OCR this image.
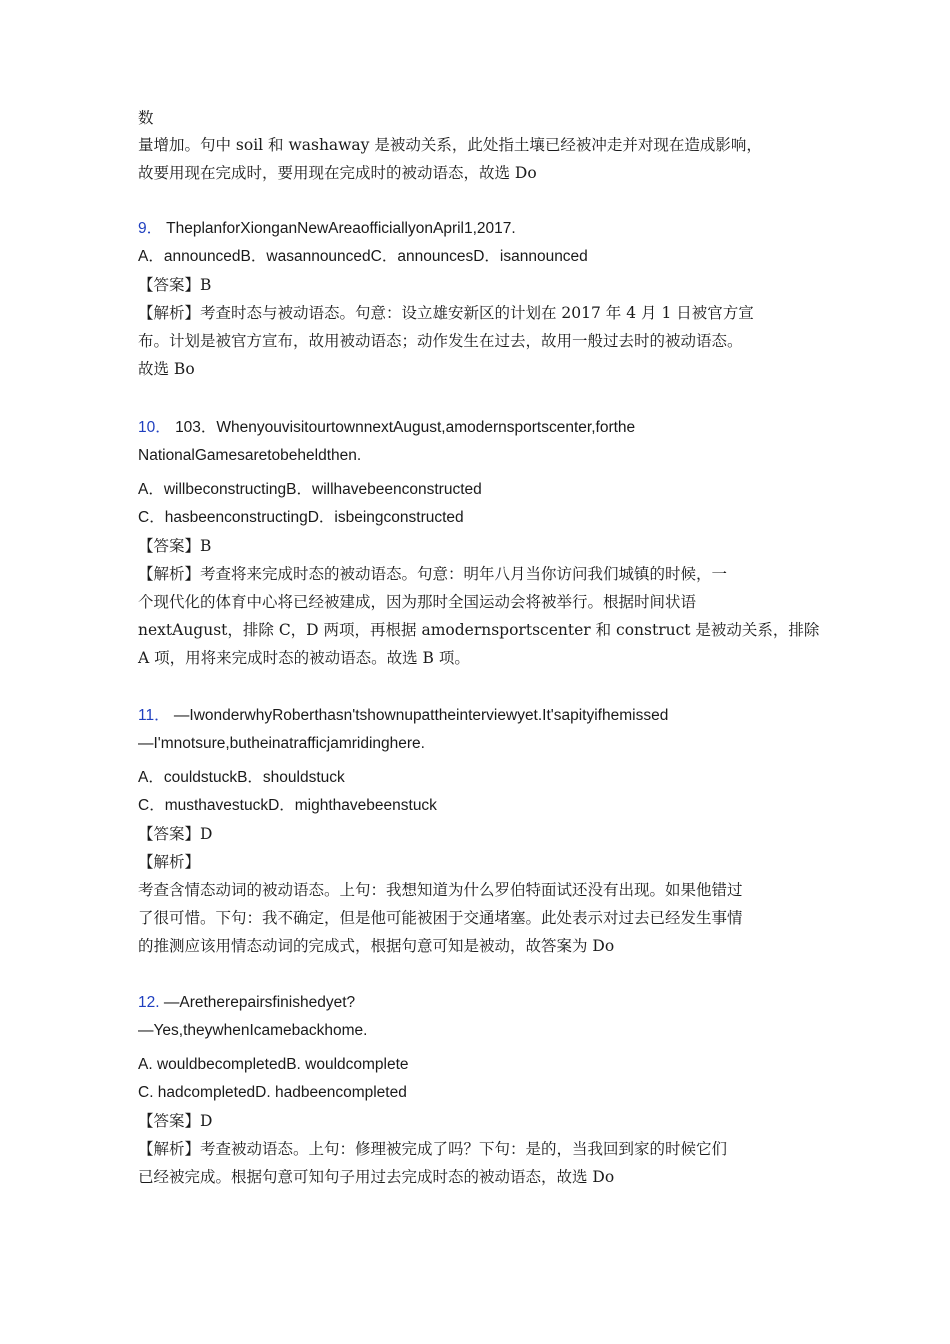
数
量增加。句中 soil 和 washaway 是被动关系，此处指土壤已经被冲走并对现在造成影响，
故要用现在完成时，要用现在完成时的被动语态，故选 Do
9． TheplanforXionganNewAreaofficiallyonApril1,2017.
A．announcedB．wasannouncedC．announcesD．isannounced
【答案】B
【解析】考查时态与被动语态。句意：设立雄安新区的计划在 2017 年 4 月 1 日被官方宣
布。计划是被官方宣布，故用被动语态；动作发生在过去，故用一般过去时的被动语态。
故选 Bo
10． 103．WhenyouvisitourtownnextAugust,amodernsportscenter,forthe
NationalGamesaretobeheldthen.
A．willbeconstructingB．willhavebeenconstructed
C．hasbeenconstructingD．isbeingconstructed
【答案】B
【解析】考查将来完成时态的被动语态。句意：明年八月当你访问我们城镇的时候，一
个现代化的体育中心将已经被建成，因为那时全国运动会将被举行。根据时间状语
nextAugust，排除 C，D 两项，再根据 amodernsportscenter 和 construct 是被动关系，排除
A 项，用将来完成时态的被动语态。故选 B 项。
11． —IwonderwhyRoberthasn'tshownupattheinterviewyet.It'sapityifhemissed
—I'mnotsure,butheinatrafficjamridinghere.
A．couldstuckB．shouldstuck
C．musthavestuckD．mighthavebeenstuck
【答案】D
【解析】
考查含情态动词的被动语态。上句：我想知道为什么罗伯特面试还没有出现。如果他错过
了很可惜。下句：我不确定，但是他可能被困于交通堵塞。此处表示对过去已经发生事情
的推测应该用情态动词的完成式，根据句意可知是被动，故答案为 Do
12. —Aretherepairsfinishedyet?
—Yes,theywhenIcamebackhome.
A. wouldbecompletedB. wouldcomplete
C. hadcompletedD. hadbeencompleted
【答案】D
【解析】考查被动语态。上句：修理被完成了吗？下句：是的，当我回到家的时候它们
已经被完成。根据句意可知句子用过去完成时态的被动语态，故选 Do
